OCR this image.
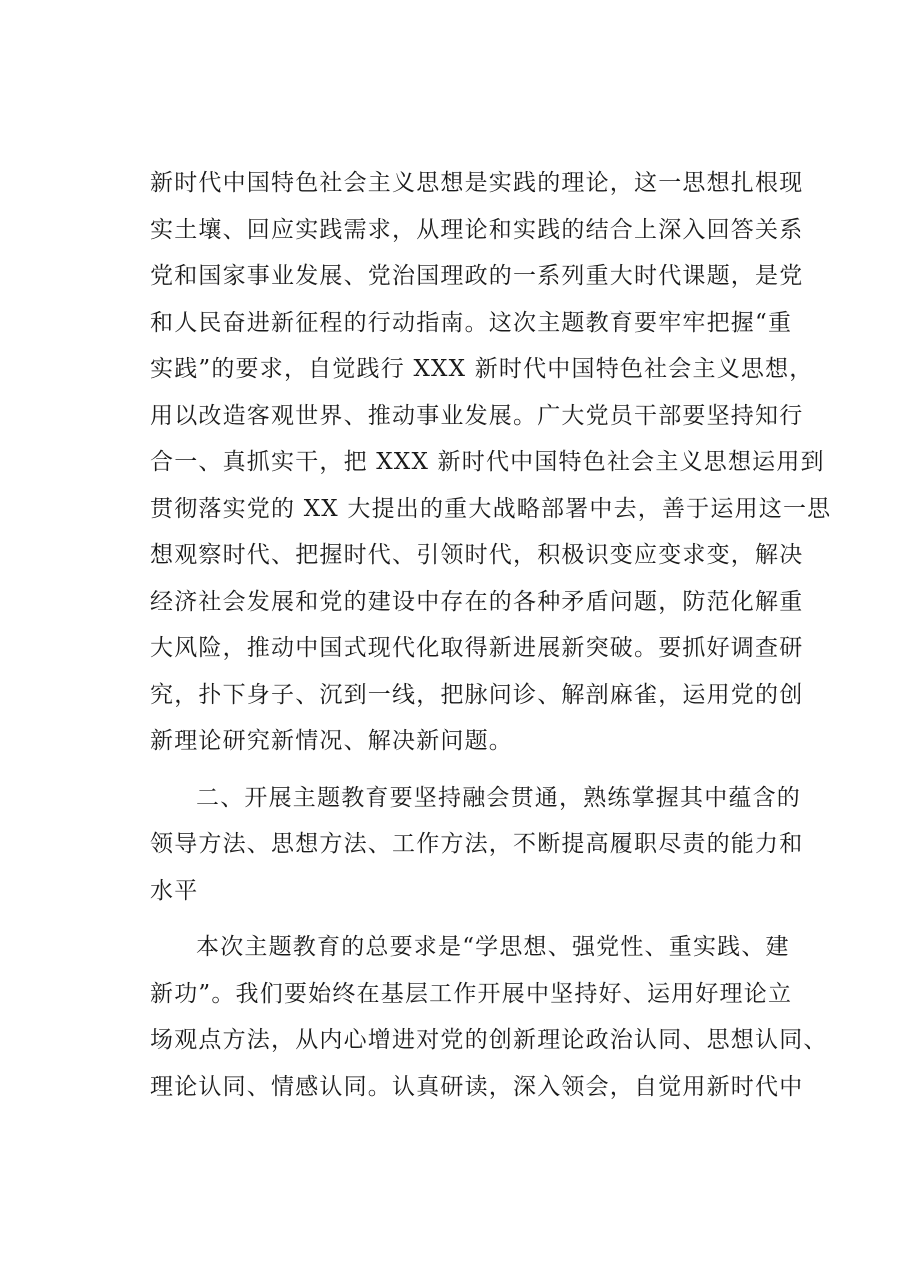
新时代中国特色社会主义思想是实践的理论，这一思想扎根现
实土壤、回应实践需求，从理论和实践的结合上深入回答关系
党和国家事业发展、党治国理政的一系列重大时代课题，是党
和人民奋进新征程的行动指南。这次主题教育要牢牢把握“重
实践”的要求，自觉践行 XXX 新时代中国特色社会主义思想，
用以改造客观世界、推动事业发展。广大党员干部要坚持知行
合一、真抓实干，把 XXX 新时代中国特色社会主义思想运用到
贯彻落实党的 XX 大提出的重大战略部署中去，善于运用这一思
想观察时代、把握时代、引领时代，积极识变应变求变，解决
经济社会发展和党的建设中存在的各种矛盾问题，防范化解重
大风险，推动中国式现代化取得新进展新突破。要抓好调查研
究，扑下身子、沉到一线，把脉问诊、解剖麻雀，运用党的创
新理论研究新情况、解决新问题。
二、开展主题教育要坚持融会贯通，熟练掌握其中蕴含的
领导方法、思想方法、工作方法，不断提高履职尽责的能力和
水平
本次主题教育的总要求是“学思想、强党性、重实践、建
新功”。我们要始终在基层工作开展中坚持好、运用好理论立
场观点方法，从内心增进对党的创新理论政治认同、思想认同、
理论认同、情感认同。认真研读，深入领会，自觉用新时代中
